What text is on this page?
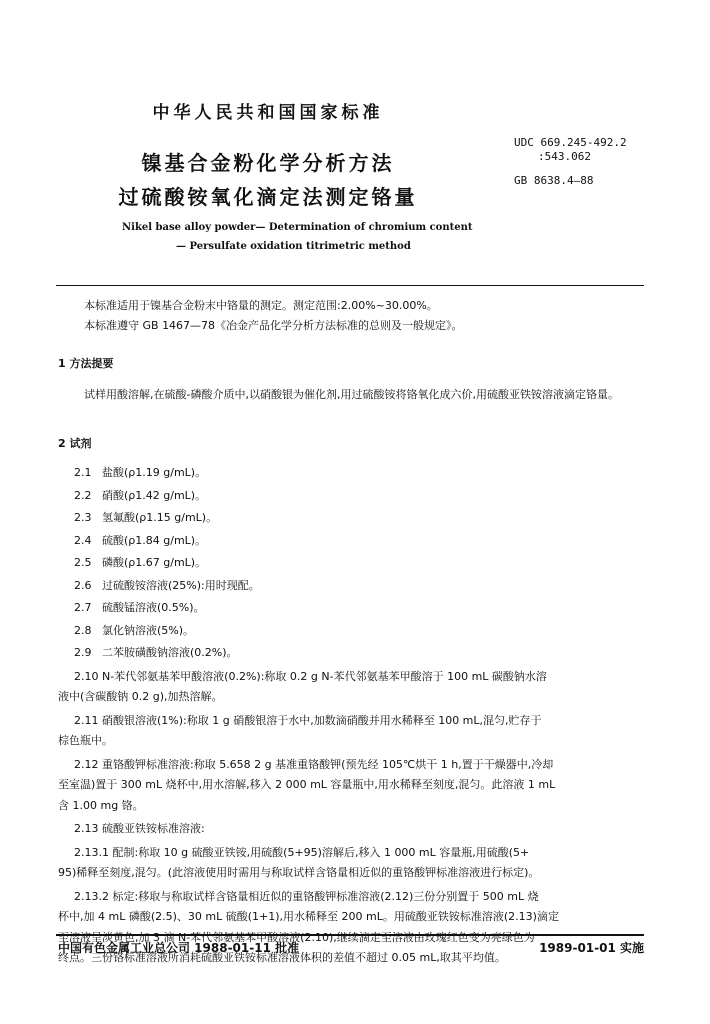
中华人民共和国国家标准
镍基合金粉化学分析方法
过硫酸铵氧化滴定法测定铬量
UDC 669.245-492.2
:543.062
GB 8638.4—88
Nikel base alloy powder— Determination of chromium content
— Persulfate oxidation titrimetric method

本标准适用于镍基合金粉末中铬量的测定。测定范围:2.00%~30.00%。

本标准遵守 GB 1467—78《冶金产品化学分析方法标准的总则及一般规定》。

1 方法提要

试样用酸溶解,在硫酸-磷酸介质中,以硝酸银为催化剂,用过硫酸铵将铬氧化成六价,用硫酸亚铁铵溶液滴定铬量。

2 试剂

2.1 盐酸(ρ1.19 g/mL)。

2.2 硝酸(ρ1.42 g/mL)。

2.3 氢氟酸(ρ1.15 g/mL)。

2.4 硫酸(ρ1.84 g/mL)。

2.5 磷酸(ρ1.67 g/mL)。

2.6 过硫酸铵溶液(25%):用时现配。

2.7 硫酸锰溶液(0.5%)。

2.8 氯化钠溶液(5%)。

2.9 二苯胺磺酸钠溶液(0.2%)。

2.10 N-苯代邻氨基苯甲酸溶液(0.2%):称取 0.2 g N-苯代邻氨基苯甲酸溶于 100 mL 碳酸钠水溶

液中(含碳酸钠 0.2 g),加热溶解。

2.11 硝酸银溶液(1%):称取 1 g 硝酸银溶于水中,加数滴硝酸并用水稀释至 100 mL,混匀,贮存于

棕色瓶中。

2.12 重铬酸钾标准溶液:称取 5.658 2 g 基准重铬酸钾(预先经 105℃烘干 1 h,置于干燥器中,冷却

至室温)置于 300 mL 烧杯中,用水溶解,移入 2 000 mL 容量瓶中,用水稀释至刻度,混匀。此溶液 1 mL

含 1.00 mg 铬。

2.13 硫酸亚铁铵标准溶液:

2.13.1 配制:称取 10 g 硫酸亚铁铵,用硫酸(5+95)溶解后,移入 1 000 mL 容量瓶,用硫酸(5+

95)稀释至刻度,混匀。(此溶液使用时需用与称取试样含铬量相近似的重铬酸钾标准溶液进行标定)。

2.13.2 标定:移取与称取试样含铬量相近似的重铬酸钾标准溶液(2.12)三份分别置于 500 mL 烧

杯中,加 4 mL 磷酸(2.5)、30 mL 硫酸(1+1),用水稀释至 200 mL。用硫酸亚铁铵标准溶液(2.13)滴定

至溶液呈淡黄色,加 3 滴 N-苯代邻氨基苯甲酸溶液(2.10),继续滴定至溶液由玫瑰红色变为亮绿色为

终点。三份铬标准溶液所消耗硫酸亚铁铵标准溶液体积的差值不超过 0.05 mL,取其平均值。

中国有色金属工业总公司 1988-01-11 批准	1989-01-01 实施
